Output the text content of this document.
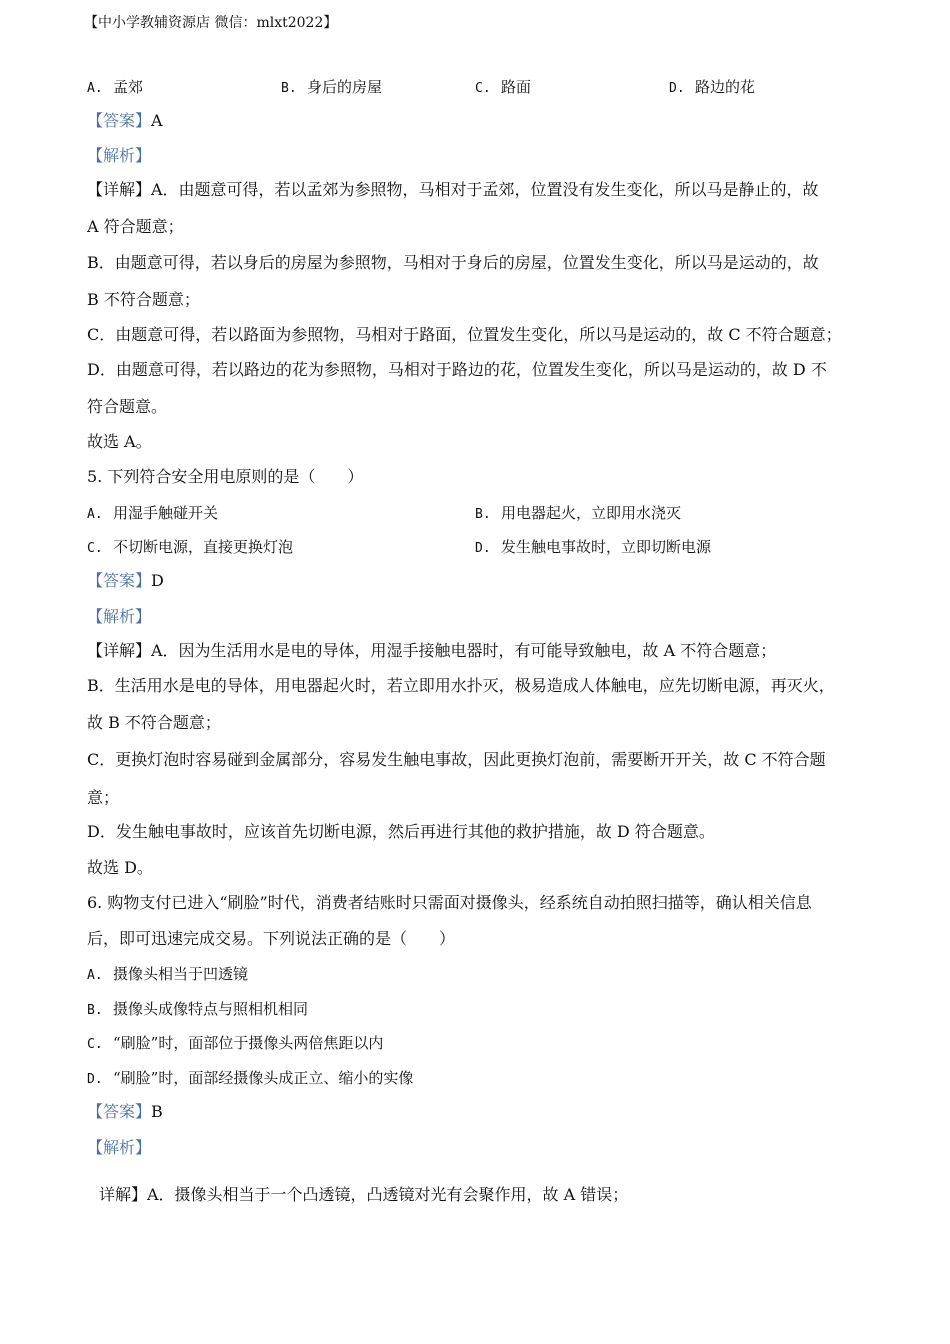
【中小学教辅资源店 微信：mlxt2022】
A. 孟郊	B. 身后的房屋	C. 路面	D. 路边的花
【答案】A
【解析】
【详解】A．由题意可得，若以孟郊为参照物，马相对于孟郊，位置没有发生变化，所以马是静止的，故
A 符合题意；
B．由题意可得，若以身后的房屋为参照物，马相对于身后的房屋，位置发生变化，所以马是运动的，故
B 不符合题意；
C．由题意可得，若以路面为参照物，马相对于路面，位置发生变化，所以马是运动的，故 C 不符合题意；
D．由题意可得，若以路边的花为参照物，马相对于路边的花，位置发生变化，所以马是运动的，故 D 不
符合题意。
故选 A。
5. 下列符合安全用电原则的是（　　）
A. 用湿手触碰开关	B. 用电器起火，立即用水浇灭
C. 不切断电源，直接更换灯泡	D. 发生触电事故时，立即切断电源
【答案】D
【解析】
【详解】A．因为生活用水是电的导体，用湿手接触电器时，有可能导致触电，故 A 不符合题意；
B．生活用水是电的导体，用电器起火时，若立即用水扑灭，极易造成人体触电，应先切断电源，再灭火，
故 B 不符合题意；
C．更换灯泡时容易碰到金属部分，容易发生触电事故，因此更换灯泡前，需要断开开关，故 C 不符合题
意；
D．发生触电事故时，应该首先切断电源，然后再进行其他的救护措施，故 D 符合题意。
故选 D。
6. 购物支付已进入“刷脸”时代，消费者结账时只需面对摄像头，经系统自动拍照扫描等，确认相关信息
后，即可迅速完成交易。下列说法正确的是（　　）
A. 摄像头相当于凹透镜
B. 摄像头成像特点与照相机相同
C. “刷脸”时，面部位于摄像头两倍焦距以内
D. “刷脸”时，面部经摄像头成正立、缩小的实像
【答案】B
【解析】
详解】A．摄像头相当于一个凸透镜，凸透镜对光有会聚作用，故 A 错误；
